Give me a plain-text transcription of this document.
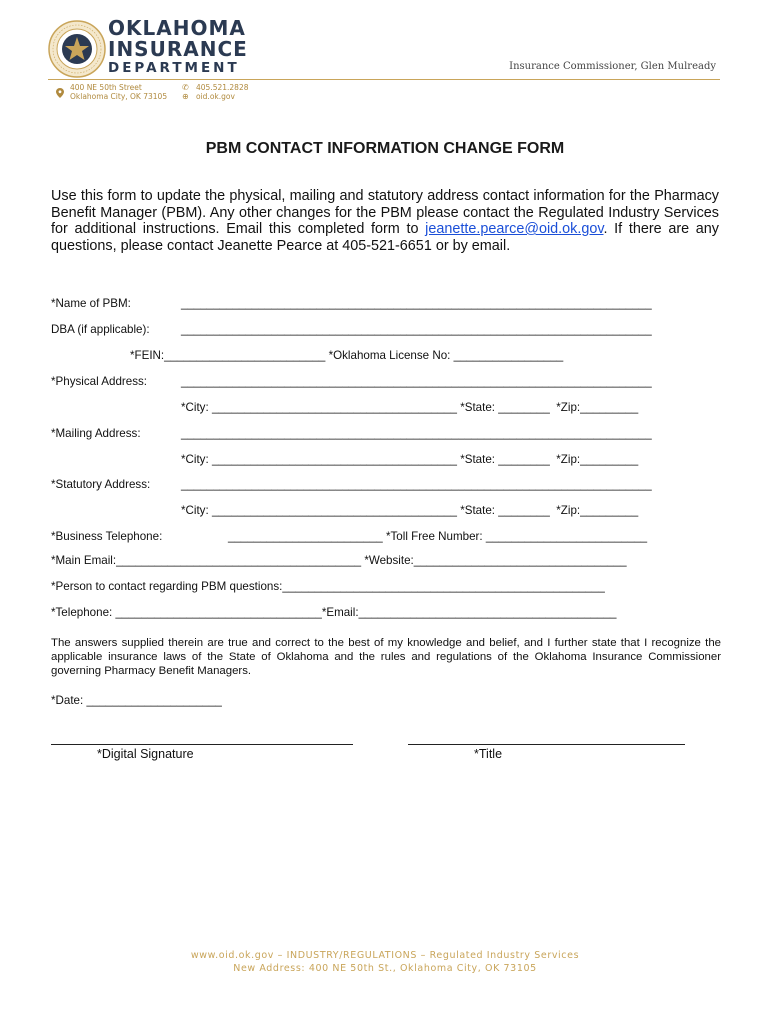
OKLAHOMA
INSURANCE
DEPARTMENT	Insurance Commissioner, Glen Mulready
400 NE 50th Street
Oklahoma City, OK 73105
✆ 405.521.2828
⊕ oid.ok.gov
PBM CONTACT INFORMATION CHANGE FORM
Use this form to update the physical, mailing and statutory address contact information for the Pharmacy Benefit Manager (PBM). Any other changes for the PBM please contact the Regulated Industry Services for additional instructions. Email this completed form to jeanette.pearce@oid.ok.gov. If there are any questions, please contact Jeanette Pearce at 405-521-6651 or by email.
*Name of PBM:	_________________________________________________________________________
DBA (if applicable):	_________________________________________________________________________
*FEIN:_________________________ *Oklahoma License No: _________________
*Physical Address:	_________________________________________________________________________
*City: ______________________________________ *State: ________ *Zip:_________
*Mailing Address:	_________________________________________________________________________
*City: ______________________________________ *State: ________ *Zip:_________
*Statutory Address:	_________________________________________________________________________
*City: ______________________________________ *State: ________ *Zip:_________
*Business Telephone:	________________________ *Toll Free Number: _________________________
*Main Email:______________________________________ *Website:_________________________________
*Person to contact regarding PBM questions:__________________________________________________
*Telephone: ________________________________*Email:________________________________________
The answers supplied therein are true and correct to the best of my knowledge and belief, and I further state that I recognize the applicable insurance laws of the State of Oklahoma and the rules and regulations of the Oklahoma Insurance Commissioner governing Pharmacy Benefit Managers.
*Date: _____________________
*Digital Signature	*Title
www.oid.ok.gov – INDUSTRY/REGULATIONS – Regulated Industry Services
New Address: 400 NE 50th St., Oklahoma City, OK 73105
